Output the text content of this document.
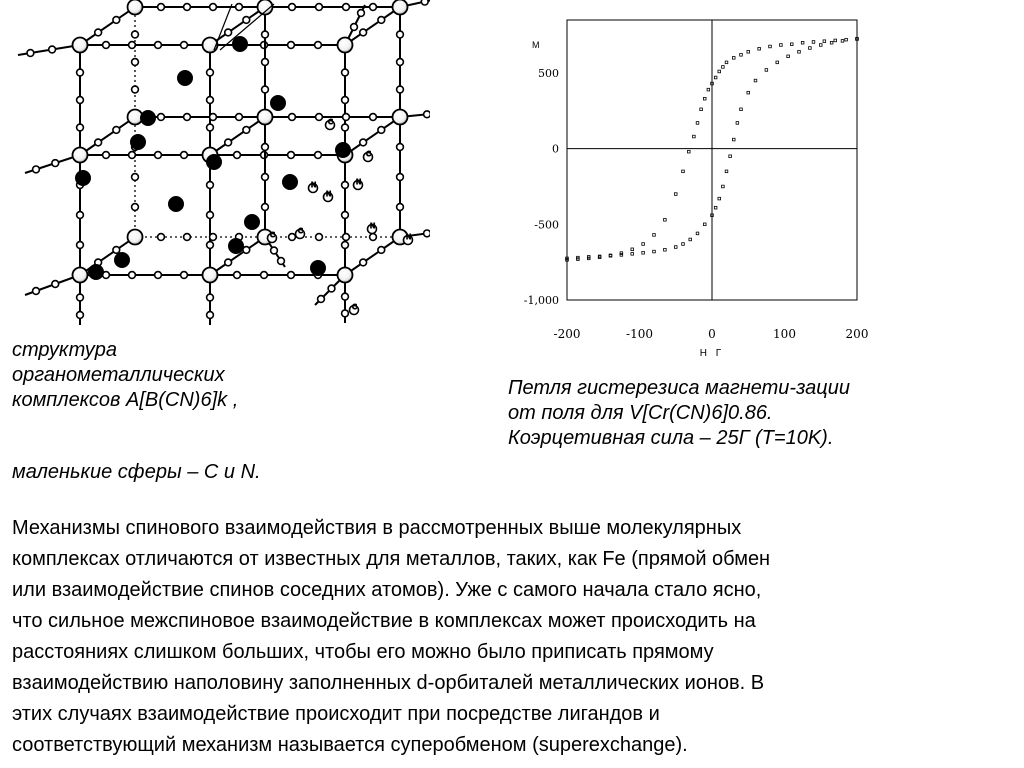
C
C
N
N
N
C	C
N
N
C
500
0
-500
-1,000
-200	-100	0	100	200
M
Н Г
структура
органометаллических
комплексов A[B(CN)6]k ,
маленькие сферы – C и N.
Петля гистерезиса магнети-зации
от поля для V[Cr(CN)6]0.86.
Коэрцетивная сила – 25Г (T=10K).
Механизмы спинового взаимодействия в рассмотренных выше молекулярных
комплексах отличаются от известных для металлов, таких, как Fe (прямой обмен
или взаимодействие спинов соседних атомов). Уже с самого начала стало ясно,
что сильное межспиновое взаимодействие в комплексах может происходить на
расстояниях слишком больших, чтобы его можно было приписать прямому
взаимодействию наполовину заполненных d-орбиталей металлических ионов. В
этих случаях взаимодействие происходит при посредстве лигандов и
соответствующий механизм называется суперобменом (superexchange).
